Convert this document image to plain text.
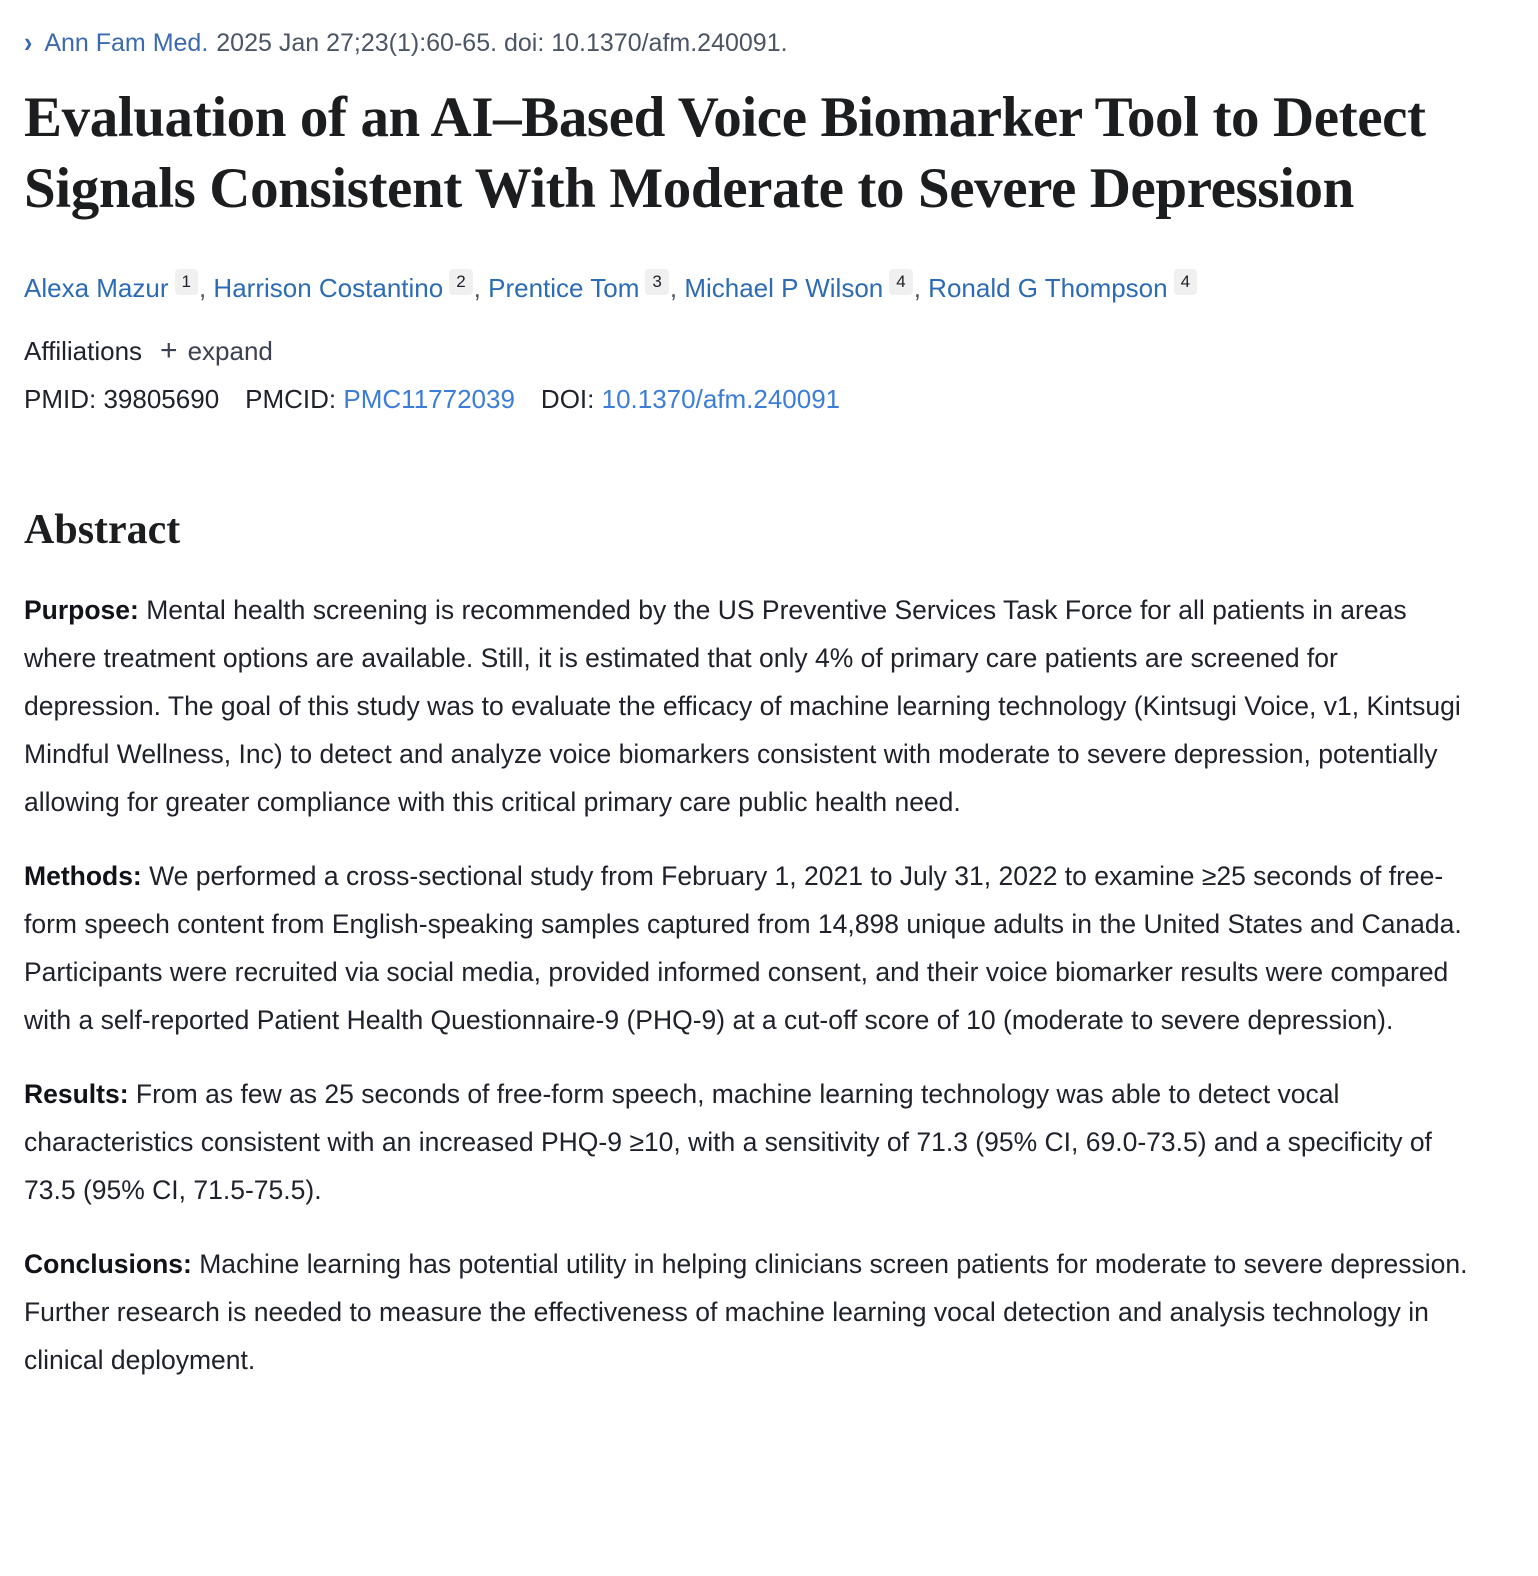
› Ann Fam Med. 2025 Jan 27;23(1):60-65. doi: 10.1370/afm.240091.
Evaluation of an AI‒Based Voice Biomarker Tool to Detect Signals Consistent With Moderate to Severe Depression
Alexa Mazur 1 , Harrison Costantino 2 , Prentice Tom 3 , Michael P Wilson 4 , Ronald G Thompson 4
Affiliations + expand
PMID: 39805690 PMCID: PMC11772039 DOI: 10.1370/afm.240091
Abstract

Purpose: Mental health screening is recommended by the US Preventive Services Task Force for all patients in areas where treatment options are available. Still, it is estimated that only 4% of primary care patients are screened for depression. The goal of this study was to evaluate the efficacy of machine learning technology (Kintsugi Voice, v1, Kintsugi Mindful Wellness, Inc) to detect and analyze voice biomarkers consistent with moderate to severe depression, potentially allowing for greater compliance with this critical primary care public health need.

Methods: We performed a cross-sectional study from February 1, 2021 to July 31, 2022 to examine ≥25 seconds of free-form speech content from English-speaking samples captured from 14,898 unique adults in the United States and Canada. Participants were recruited via social media, provided informed consent, and their voice biomarker results were compared with a self-reported Patient Health Questionnaire-9 (PHQ-9) at a cut-off score of 10 (moderate to severe depression).

Results: From as few as 25 seconds of free-form speech, machine learning technology was able to detect vocal characteristics consistent with an increased PHQ-9 ≥10, with a sensitivity of 71.3 (95% CI, 69.0-73.5) and a specificity of 73.5 (95% CI, 71.5-75.5).

Conclusions: Machine learning has potential utility in helping clinicians screen patients for moderate to severe depression. Further research is needed to measure the effectiveness of machine learning vocal detection and analysis technology in clinical deployment.
